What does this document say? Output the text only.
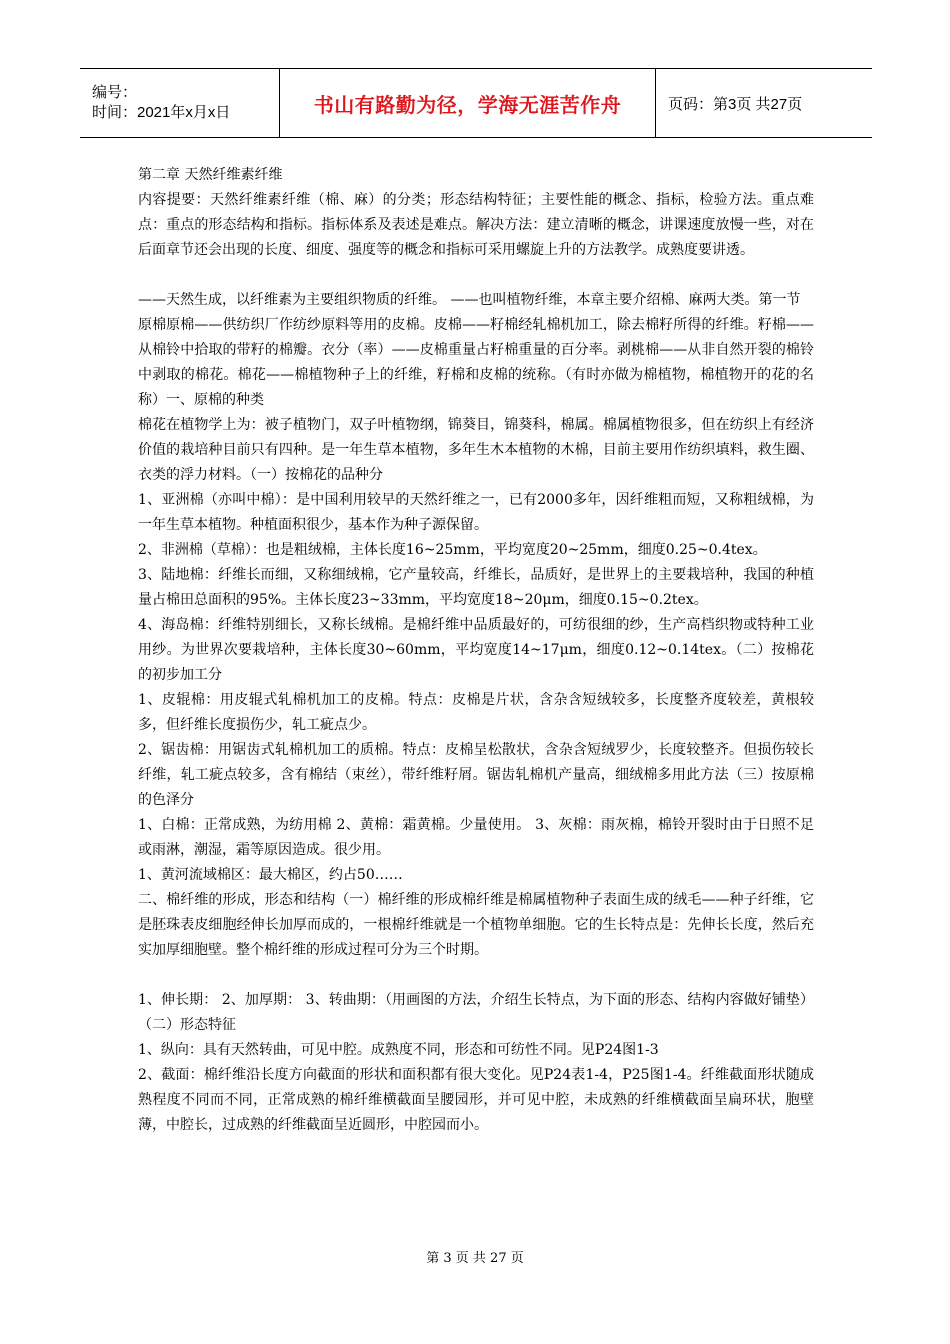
编号：
时间：2021年x月x日	书山有路勤为径，学海无涯苦作舟	页码：第3页 共27页

第二章 天然纤维素纤维

内容提要：天然纤维素纤维（棉、麻）的分类；形态结构特征；主要性能的概念、指标，检验方法。重点难点：重点的形态结构和指标。指标体系及表述是难点。解决方法：建立清晰的概念，讲课速度放慢一些，对在后面章节还会出现的长度、细度、强度等的概念和指标可采用螺旋上升的方法教学。成熟度要讲透。

——天然生成，以纤维素为主要组织物质的纤维。 ——也叫植物纤维，本章主要介绍棉、麻两大类。第一节

原棉原棉——供纺织厂作纺纱原料等用的皮棉。皮棉——籽棉经轧棉机加工，除去棉籽所得的纤维。籽棉——从棉铃中拾取的带籽的棉瓣。衣分（率）——皮棉重量占籽棉重量的百分率。剥桃棉——从非自然开裂的棉铃中剥取的棉花。棉花——棉植物种子上的纤维，籽棉和皮棉的统称。（有时亦做为棉植物，棉植物开的花的名称）一、原棉的种类

棉花在植物学上为：被子植物门，双子叶植物纲，锦葵目，锦葵科，棉属。棉属植物很多，但在纺织上有经济价值的栽培种目前只有四种。是一年生草本植物，多年生木本植物的木棉，目前主要用作纺织填料，救生圈、衣类的浮力材料。（一）按棉花的品种分

1、亚洲棉（亦叫中棉）：是中国利用较早的天然纤维之一，已有2000多年，因纤维粗而短，又称粗绒棉，为一年生草本植物。种植面积很少，基本作为种子源保留。

2、非洲棉（草棉）：也是粗绒棉，主体长度16~25mm，平均宽度20~25mm，细度0.25~0.4tex。

3、陆地棉：纤维长而细，又称细绒棉，它产量较高，纤维长，品质好，是世界上的主要栽培种，我国的种植量占棉田总面积的95%。主体长度23~33mm，平均宽度18~20μm，细度0.15~0.2tex。

4、海岛棉：纤维特别细长，又称长绒棉。是棉纤维中品质最好的，可纺很细的纱，生产高档织物或特种工业用纱。为世界次要栽培种，主体长度30~60mm，平均宽度14~17μm，细度0.12~0.14tex。（二）按棉花的初步加工分

1、皮辊棉：用皮辊式轧棉机加工的皮棉。特点：皮棉是片状，含杂含短绒较多，长度整齐度较差，黄根较多，但纤维长度损伤少，轧工疵点少。

2、锯齿棉：用锯齿式轧棉机加工的质棉。特点：皮棉呈松散状，含杂含短绒罗少，长度较整齐。但损伤较长纤维，轧工疵点较多，含有棉结（束丝），带纤维籽屑。锯齿轧棉机产量高，细绒棉多用此方法（三）按原棉的色泽分

1、白棉：正常成熟，为纺用棉 2、黄棉：霜黄棉。少量使用。 3、灰棉：雨灰棉，棉铃开裂时由于日照不足或雨淋，潮湿，霜等原因造成。很少用。

1、黄河流域棉区：最大棉区，约占50……

二、棉纤维的形成，形态和结构（一）棉纤维的形成棉纤维是棉属植物种子表面生成的绒毛——种子纤维，它是胚珠表皮细胞经伸长加厚而成的，一根棉纤维就是一个植物单细胞。它的生长特点是：先伸长长度，然后充实加厚细胞壁。整个棉纤维的形成过程可分为三个时期。

1、伸长期： 2、加厚期： 3、转曲期：（用画图的方法，介绍生长特点，为下面的形态、结构内容做好铺垫）（二）形态特征

1、纵向：具有天然转曲，可见中腔。成熟度不同，形态和可纺性不同。见P24图1-3

2、截面：棉纤维沿长度方向截面的形状和面积都有很大变化。见P24表1-4，P25图1-4。纤维截面形状随成熟程度不同而不同，正常成熟的棉纤维横截面呈腰园形，并可见中腔，未成熟的纤维横截面呈扁环状，胞壁薄，中腔长，过成熟的纤维截面呈近圆形，中腔园而小。

第 3 页 共 27 页
